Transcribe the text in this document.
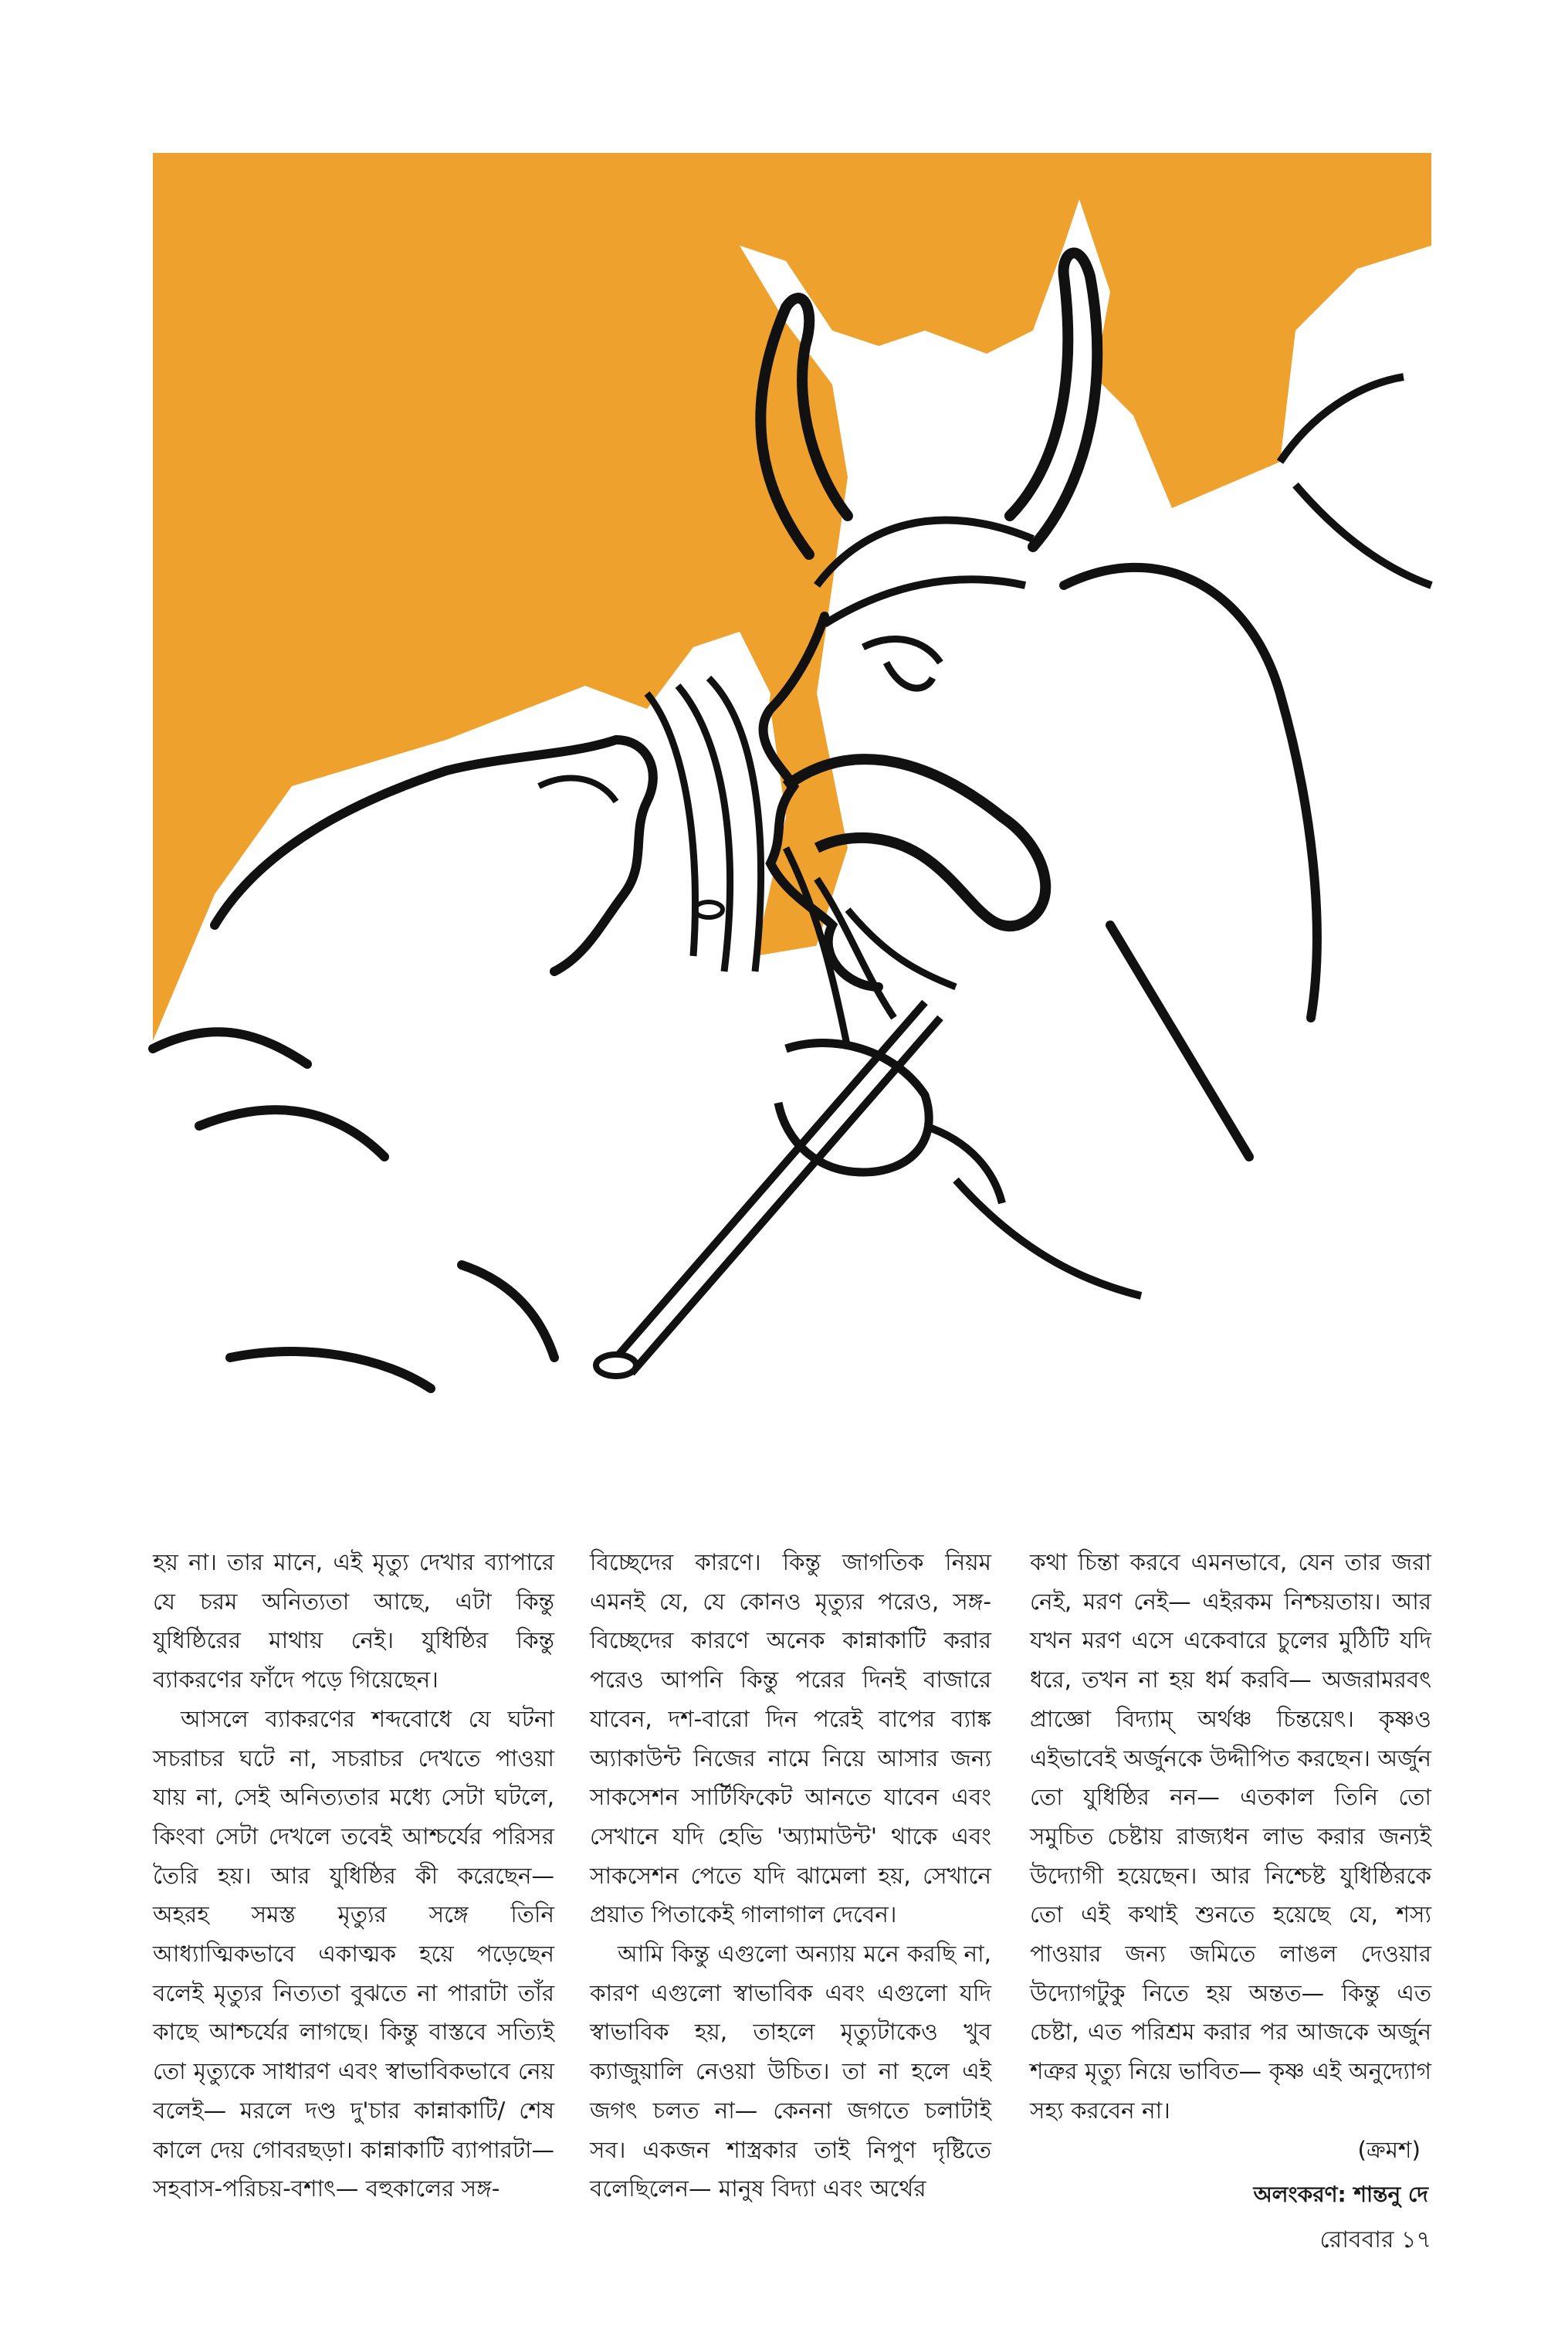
হয় না। তার মানে, এই মৃত্যু দেখার ব্যাপারে যে চরম অনিত্যতা আছে, এটা কিন্তু যুধিষ্ঠিরের মাথায় নেই। যুধিষ্ঠির কিন্তু ব্যাকরণের ফাঁদে পড়ে গিয়েছেন।

আসলে ব্যাকরণের শব্দবোধে যে ঘটনা সচরাচর ঘটে না, সচরাচর দেখতে পাওয়া যায় না, সেই অনিত্যতার মধ্যে সেটা ঘটলে, কিংবা সেটা দেখলে তবেই আশ্চর্যের পরিসর তৈরি হয়। আর যুধিষ্ঠির কী করেছেন— অহরহ সমস্ত মৃত্যুর সঙ্গে তিনি আধ্যাত্মিকভাবে একাত্মক হয়ে পড়েছেন বলেই মৃত্যুর নিত্যতা বুঝতে না পারাটা তাঁর কাছে আশ্চর্যের লাগছে। কিন্তু বাস্তবে সত্যিই তো মৃত্যুকে সাধারণ এবং স্বাভাবিকভাবে নেয় বলেই— মরলে দণ্ড দু'চার কান্নাকাটি/ শেষ কালে দেয় গোবরছড়া। কান্নাকাটি ব্যাপারটা— সহবাস-পরিচয়-বশাৎ— বহুকালের সঙ্গ-

বিচ্ছেদের কারণে। কিন্তু জাগতিক নিয়ম এমনই যে, যে কোনও মৃত্যুর পরেও, সঙ্গ-বিচ্ছেদের কারণে অনেক কান্নাকাটি করার পরেও আপনি কিন্তু পরের দিনই বাজারে যাবেন, দশ-বারো দিন পরেই বাপের ব্যাঙ্ক অ্যাকাউন্ট নিজের নামে নিয়ে আসার জন্য সাকসেশন সার্টিফিকেট আনতে যাবেন এবং সেখানে যদি হেভি 'অ্যামাউন্ট' থাকে এবং সাকসেশন পেতে যদি ঝামেলা হয়, সেখানে প্রয়াত পিতাকেই গালাগাল দেবেন।

আমি কিন্তু এগুলো অন্যায় মনে করছি না, কারণ এগুলো স্বাভাবিক এবং এগুলো যদি স্বাভাবিক হয়, তাহলে মৃত্যুটাকেও খুব ক্যাজুয়ালি নেওয়া উচিত। তা না হলে এই জগৎ চলত না— কেননা জগতে চলাটাই সব। একজন শাস্ত্রকার তাই নিপুণ দৃষ্টিতে বলেছিলেন— মানুষ বিদ্যা এবং অর্থের

কথা চিন্তা করবে এমনভাবে, যেন তার জরা নেই, মরণ নেই— এইরকম নিশ্চয়তায়। আর যখন মরণ এসে একেবারে চুলের মুঠিটি যদি ধরে, তখন না হয় ধর্ম করবি— অজরামরবৎ প্রাজ্ঞো বিদ্যাম্‌ অর্থঞ্চ চিন্তয়েৎ। কৃষ্ণও এইভাবেই অর্জুনকে উদ্দীপিত করছেন। অর্জুন তো যুধিষ্ঠির নন— এতকাল তিনি তো সমুচিত চেষ্টায় রাজ্যধন লাভ করার জন্যই উদ্যোগী হয়েছেন। আর নিশ্চেষ্ট যুধিষ্ঠিরকে তো এই কথাই শুনতে হয়েছে যে, শস্য পাওয়ার জন্য জমিতে লাঙল দেওয়ার উদ্যোগটুকু নিতে হয় অন্তত— কিন্তু এত চেষ্টা, এত পরিশ্রম করার পর আজকে অর্জুন শত্রুর মৃত্যু নিয়ে ভাবিত— কৃষ্ণ এই অনুদ্যোগ সহ্য করবেন না।

(ক্রমশ)
অলংকরণ: শান্তনু দে
রোববার ১৭
